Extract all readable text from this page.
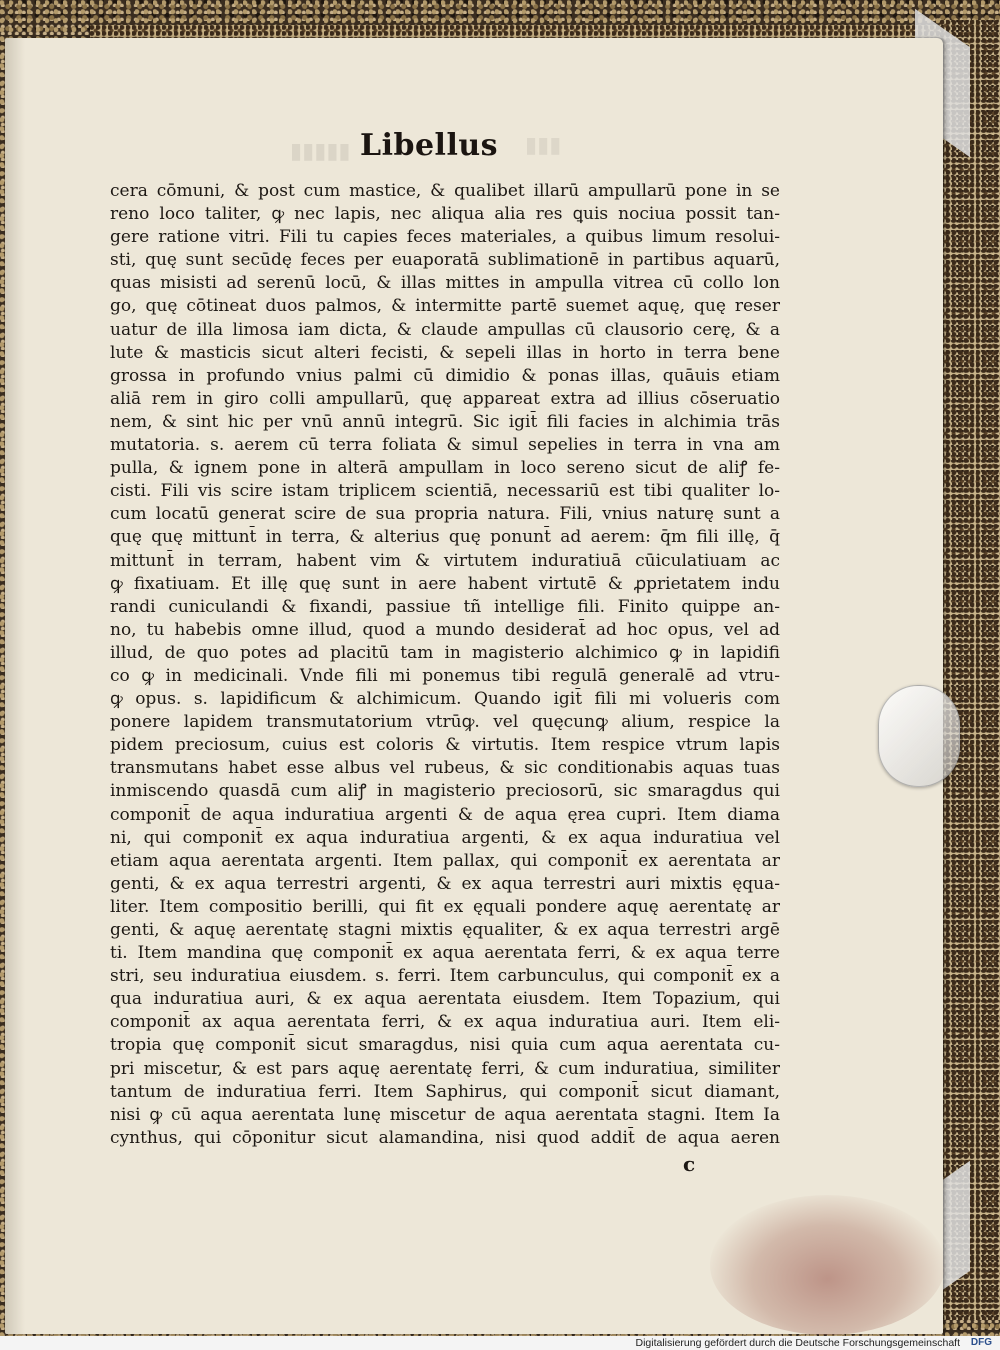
▮▮▮▮▮	▮▮▮
Libellus
cera cōmuni, & post cum mastice, & qualibet illarū ampullarū pone in se
reno loco taliter, ꝙ nec lapis, nec aliqua alia res ꝗuis nociua possit tan-
gere ratione vitri. Fili tu capies feces materiales, a quibus limum resolui-
sti, quę sunt secūdę feces per euaporatā sublimationē in partibus aquarū,
quas misisti ad serenū locū, & illas mittes in ampulla vitrea cū collo lon
go, quę cōtineat duos palmos, & intermitte partē suemet aquę, quę reser
uatur de illa limosa iam dicta, & claude ampullas cū clausorio cerę, & a
lute & masticis sicut alteri fecisti, & sepeli illas in horto in terra bene
grossa in profundo vnius palmi cū dimidio & ponas illas, quāuis etiam
aliā rem in giro colli ampullarū, quę appareat extra ad illius cōseruatio
nem, & sint hic per vnū annū integrū. Sic igit̄ fili facies in alchimia trās
mutatoria. s. aerem cū terra foliata & simul sepelies in terra in vna am
pulla, & ignem pone in alterā ampullam in loco sereno sicut de aliꝭ fe-
cisti. Fili vis scire istam triplicem scientiā, necessariū est tibi qualiter lo-
cum locatū generat scire de sua propria natura. Fili, vnius naturę sunt a
quę quę mittunt̄ in terra, & alterius quę ponunt̄ ad aerem: q̄m fili illę, q̄
mittunt̄ in terram, habent vim & virtutem induratiuā cūiculatiuam ac
ꝙ fixatiuam. Et illę quę sunt in aere habent virtutē & ꝓprietatem indu
randi cuniculandi & fixandi, passiue tñ intellige fili. Finito quippe an-
no, tu habebis omne illud, quod a mundo desiderat̄ ad hoc opus, vel ad
illud, de quo potes ad placitū tam in magisterio alchimico ꝙ in lapidifi
co ꝙ in medicinali. Vnde fili mi ponemus tibi regulā generalē ad vtru-
ꝙ opus. s. lapidificum & alchimicum. Quando igit̄ fili mi volueris com
ponere lapidem transmutatorium vtrūꝙ. vel quęcunꝙ alium, respice la
pidem preciosum, cuius est coloris & virtutis. Item respice vtrum lapis
transmutans habet esse albus vel rubeus, & sic conditionabis aquas tuas
inmiscendo quasdā cum aliꝭ in magisterio preciosorū, sic smaragdus qui
componit̄ de aqua induratiua argenti & de aqua ęrea cupri. Item diama
ni, qui componit̄ ex aqua induratiua argenti, & ex aqua induratiua vel
etiam aqua aerentata argenti. Item pallax, qui componit̄ ex aerentata ar
genti, & ex aqua terrestri argenti, & ex aqua terrestri auri mixtis ęqua-
liter. Item compositio berilli, qui fit ex ęquali pondere aquę aerentatę ar
genti, & aquę aerentatę stagni mixtis ęqualiter, & ex aqua terrestri argē
ti. Item mandina quę componit̄ ex aqua aerentata ferri, & ex aqua terre
stri, seu induratiua eiusdem. s. ferri. Item carbunculus, qui componit̄ ex a
qua induratiua auri, & ex aqua aerentata eiusdem. Item Topazium, qui
componit̄ ax aqua aerentata ferri, & ex aqua induratiua auri. Item eli-
tropia quę componit̄ sicut smaragdus, nisi quia cum aqua aerentata cu-
pri miscetur, & est pars aquę aerentatę ferri, & cum induratiua, similiter
tantum de induratiua ferri. Item Saphirus, qui componit̄ sicut diamant,
nisi ꝙ cū aqua aerentata lunę miscetur de aqua aerentata stagni. Item Ia
cynthus, qui cōponitur sicut alamandina, nisi quod addit̄ de aqua aeren
c
Digitalisierung gefördert durch die Deutsche Forschungsgemeinschaft DFG
